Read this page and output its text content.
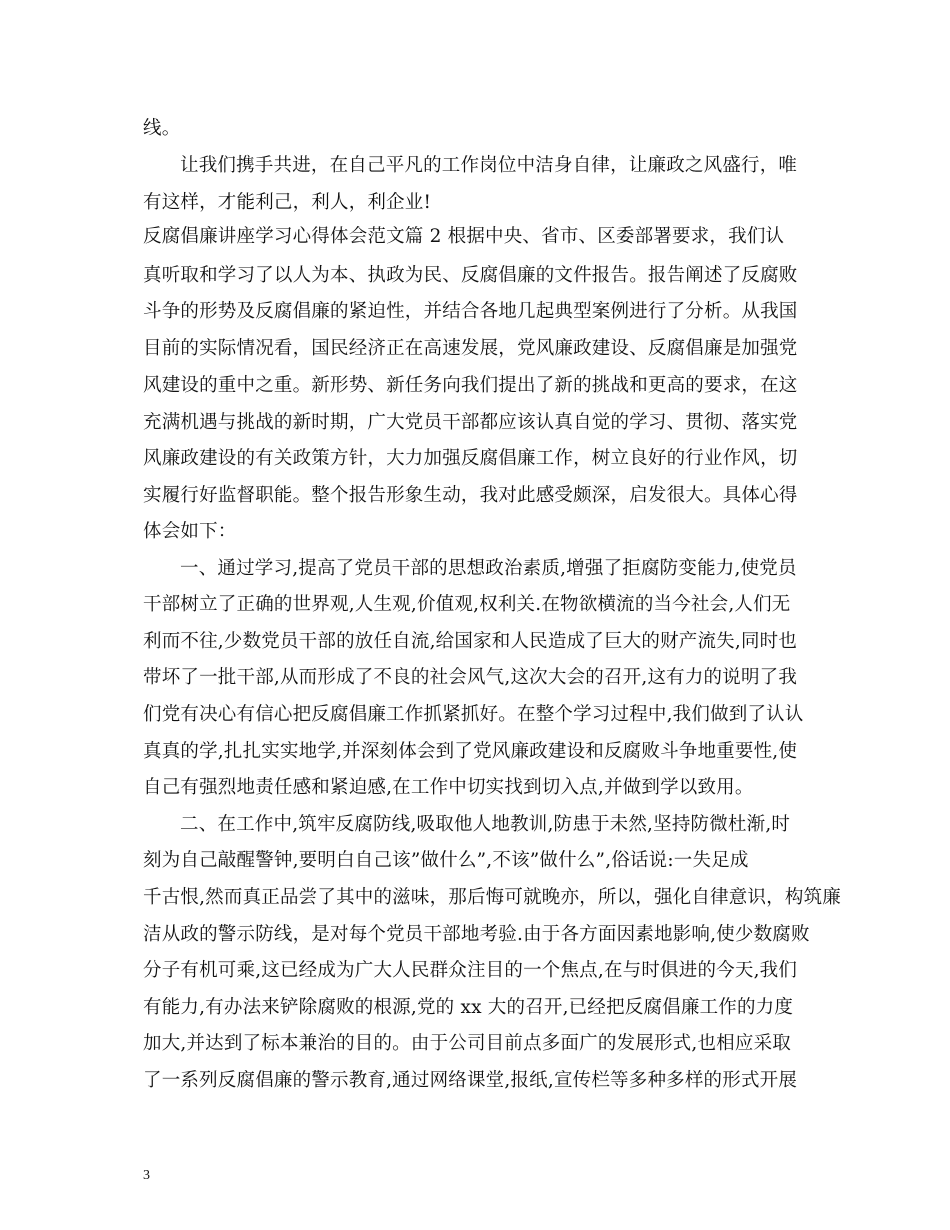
线。
让我们携手共进，在自己平凡的工作岗位中洁身自律，让廉政之风盛行，唯
有这样，才能利己，利人，利企业!
反腐倡廉讲座学习心得体会范文篇 2 根据中央、省市、区委部署要求，我们认
真听取和学习了以人为本、执政为民、反腐倡廉的文件报告。报告阐述了反腐败
斗争的形势及反腐倡廉的紧迫性，并结合各地几起典型案例进行了分析。从我国
目前的实际情况看，国民经济正在高速发展，党风廉政建设、反腐倡廉是加强党
风建设的重中之重。新形势、新任务向我们提出了新的挑战和更高的要求，在这
充满机遇与挑战的新时期，广大党员干部都应该认真自觉的学习、贯彻、落实党
风廉政建设的有关政策方针，大力加强反腐倡廉工作，树立良好的行业作风，切
实履行好监督职能。整个报告形象生动，我对此感受颇深，启发很大。具体心得
体会如下：
一、通过学习,提高了党员干部的思想政治素质,增强了拒腐防变能力,使党员
干部树立了正确的世界观,人生观,价值观,权利关.在物欲横流的当今社会,人们无
利而不往,少数党员干部的放任自流,给国家和人民造成了巨大的财产流失,同时也
带坏了一批干部,从而形成了不良的社会风气,这次大会的召开,这有力的说明了我
们党有决心有信心把反腐倡廉工作抓紧抓好。在整个学习过程中,我们做到了认认
真真的学,扎扎实实地学,并深刻体会到了党风廉政建设和反腐败斗争地重要性,使
自己有强烈地责任感和紧迫感,在工作中切实找到切入点,并做到学以致用。
二、在工作中,筑牢反腐防线,吸取他人地教训,防患于未然,坚持防微杜渐,时
刻为自己敲醒警钟,要明白自己该”做什么”,不该”做什么”,俗话说:一失足成
千古恨,然而真正品尝了其中的滋味，那后悔可就晚亦，所以，强化自律意识，构筑廉
洁从政的警示防线，是对每个党员干部地考验.由于各方面因素地影响,使少数腐败
分子有机可乘,这已经成为广大人民群众注目的一个焦点,在与时俱进的今天,我们
有能力,有办法来铲除腐败的根源,党的 xx 大的召开,已经把反腐倡廉工作的力度
加大,并达到了标本兼治的目的。由于公司目前点多面广的发展形式,也相应采取
了一系列反腐倡廉的警示教育,通过网络课堂,报纸,宣传栏等多种多样的形式开展
3
